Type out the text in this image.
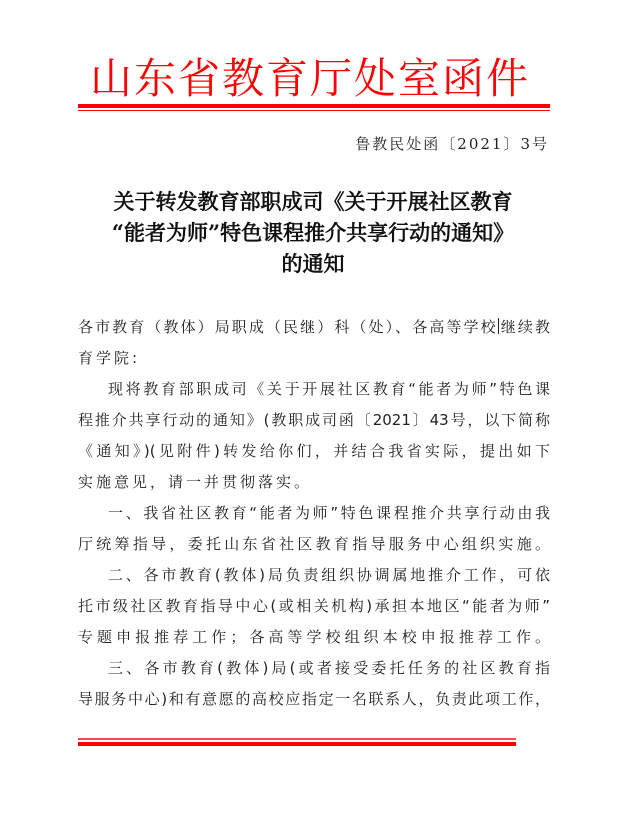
山东省教育厅处室函件
鲁教民处函〔2021〕3号
关于转发教育部职成司《关于开展社区教育
“能者为师”特色课程推介共享行动的通知》
的通知
各市教育（教体）局职成（民继）科（处）、各高等学校继续教
育学院:
现将教育部职成司《关于开展社区教育“能者为师”特色课
程推介共享行动的通知》(教职成司函〔2021〕43号，以下简称
《通知》)(见附件)转发给你们，并结合我省实际，提出如下
实施意见，请一并贯彻落实。
一、我省社区教育“能者为师”特色课程推介共享行动由我
厅统筹指导，委托山东省社区教育指导服务中心组织实施。
二、各市教育(教体)局负责组织协调属地推介工作，可依
托市级社区教育指导中心(或相关机构)承担本地区“能者为师”
专题申报推荐工作；各高等学校组织本校申报推荐工作。
三、各市教育(教体)局(或者接受委托任务的社区教育指
导服务中心)和有意愿的高校应指定一名联系人，负责此项工作，
